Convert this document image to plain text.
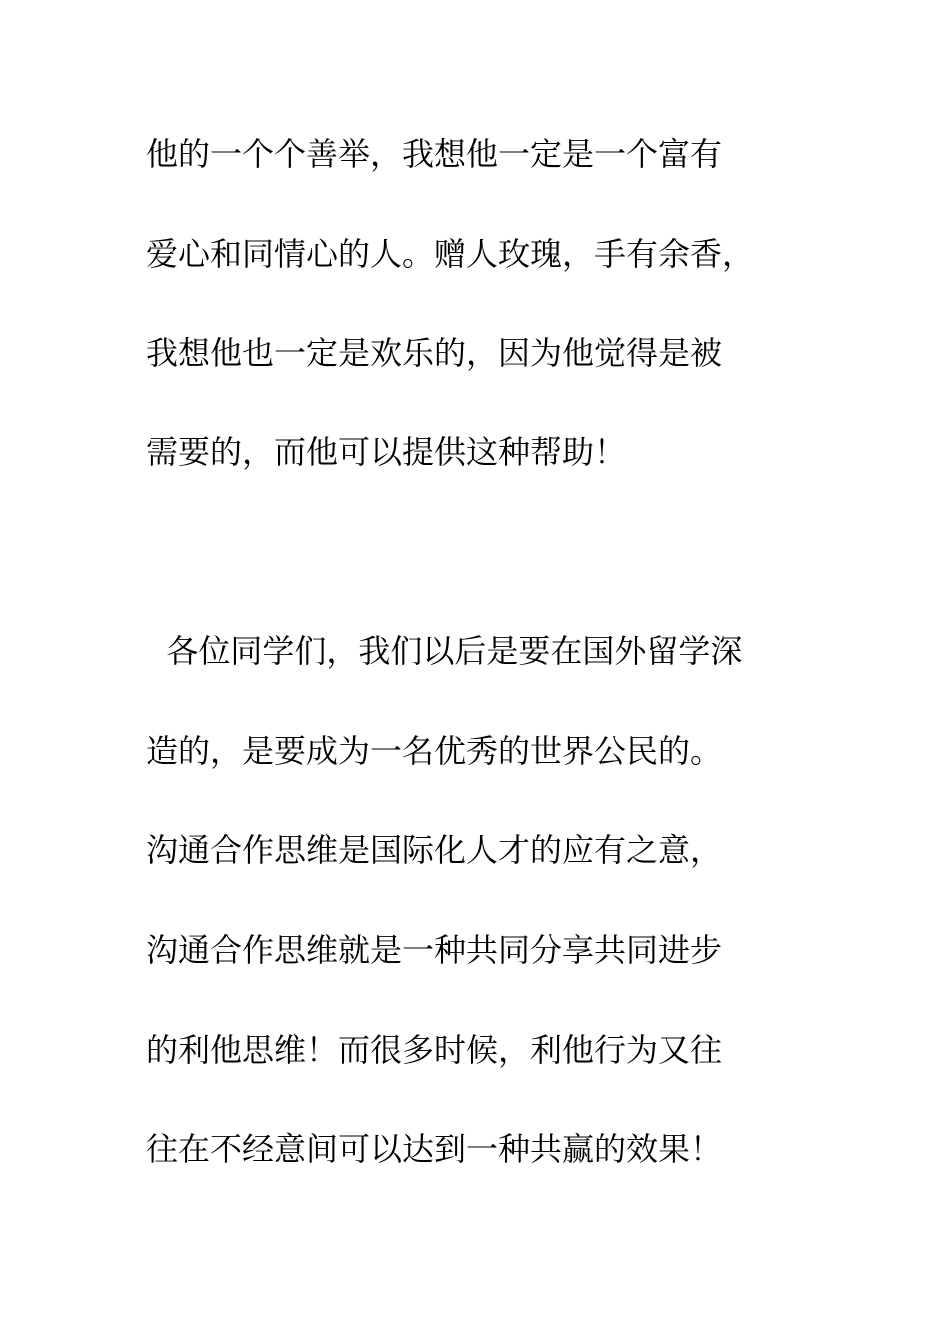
他的一个个善举，我想他一定是一个富有

爱心和同情心的人。赠人玫瑰，手有余香，

我想他也一定是欢乐的，因为他觉得是被

需要的，而他可以提供这种帮助！

各位同学们，我们以后是要在国外留学深

造的，是要成为一名优秀的世界公民的。

沟通合作思维是国际化人才的应有之意，

沟通合作思维就是一种共同分享共同进步

的利他思维！而很多时候，利他行为又往

往在不经意间可以达到一种共赢的效果！
